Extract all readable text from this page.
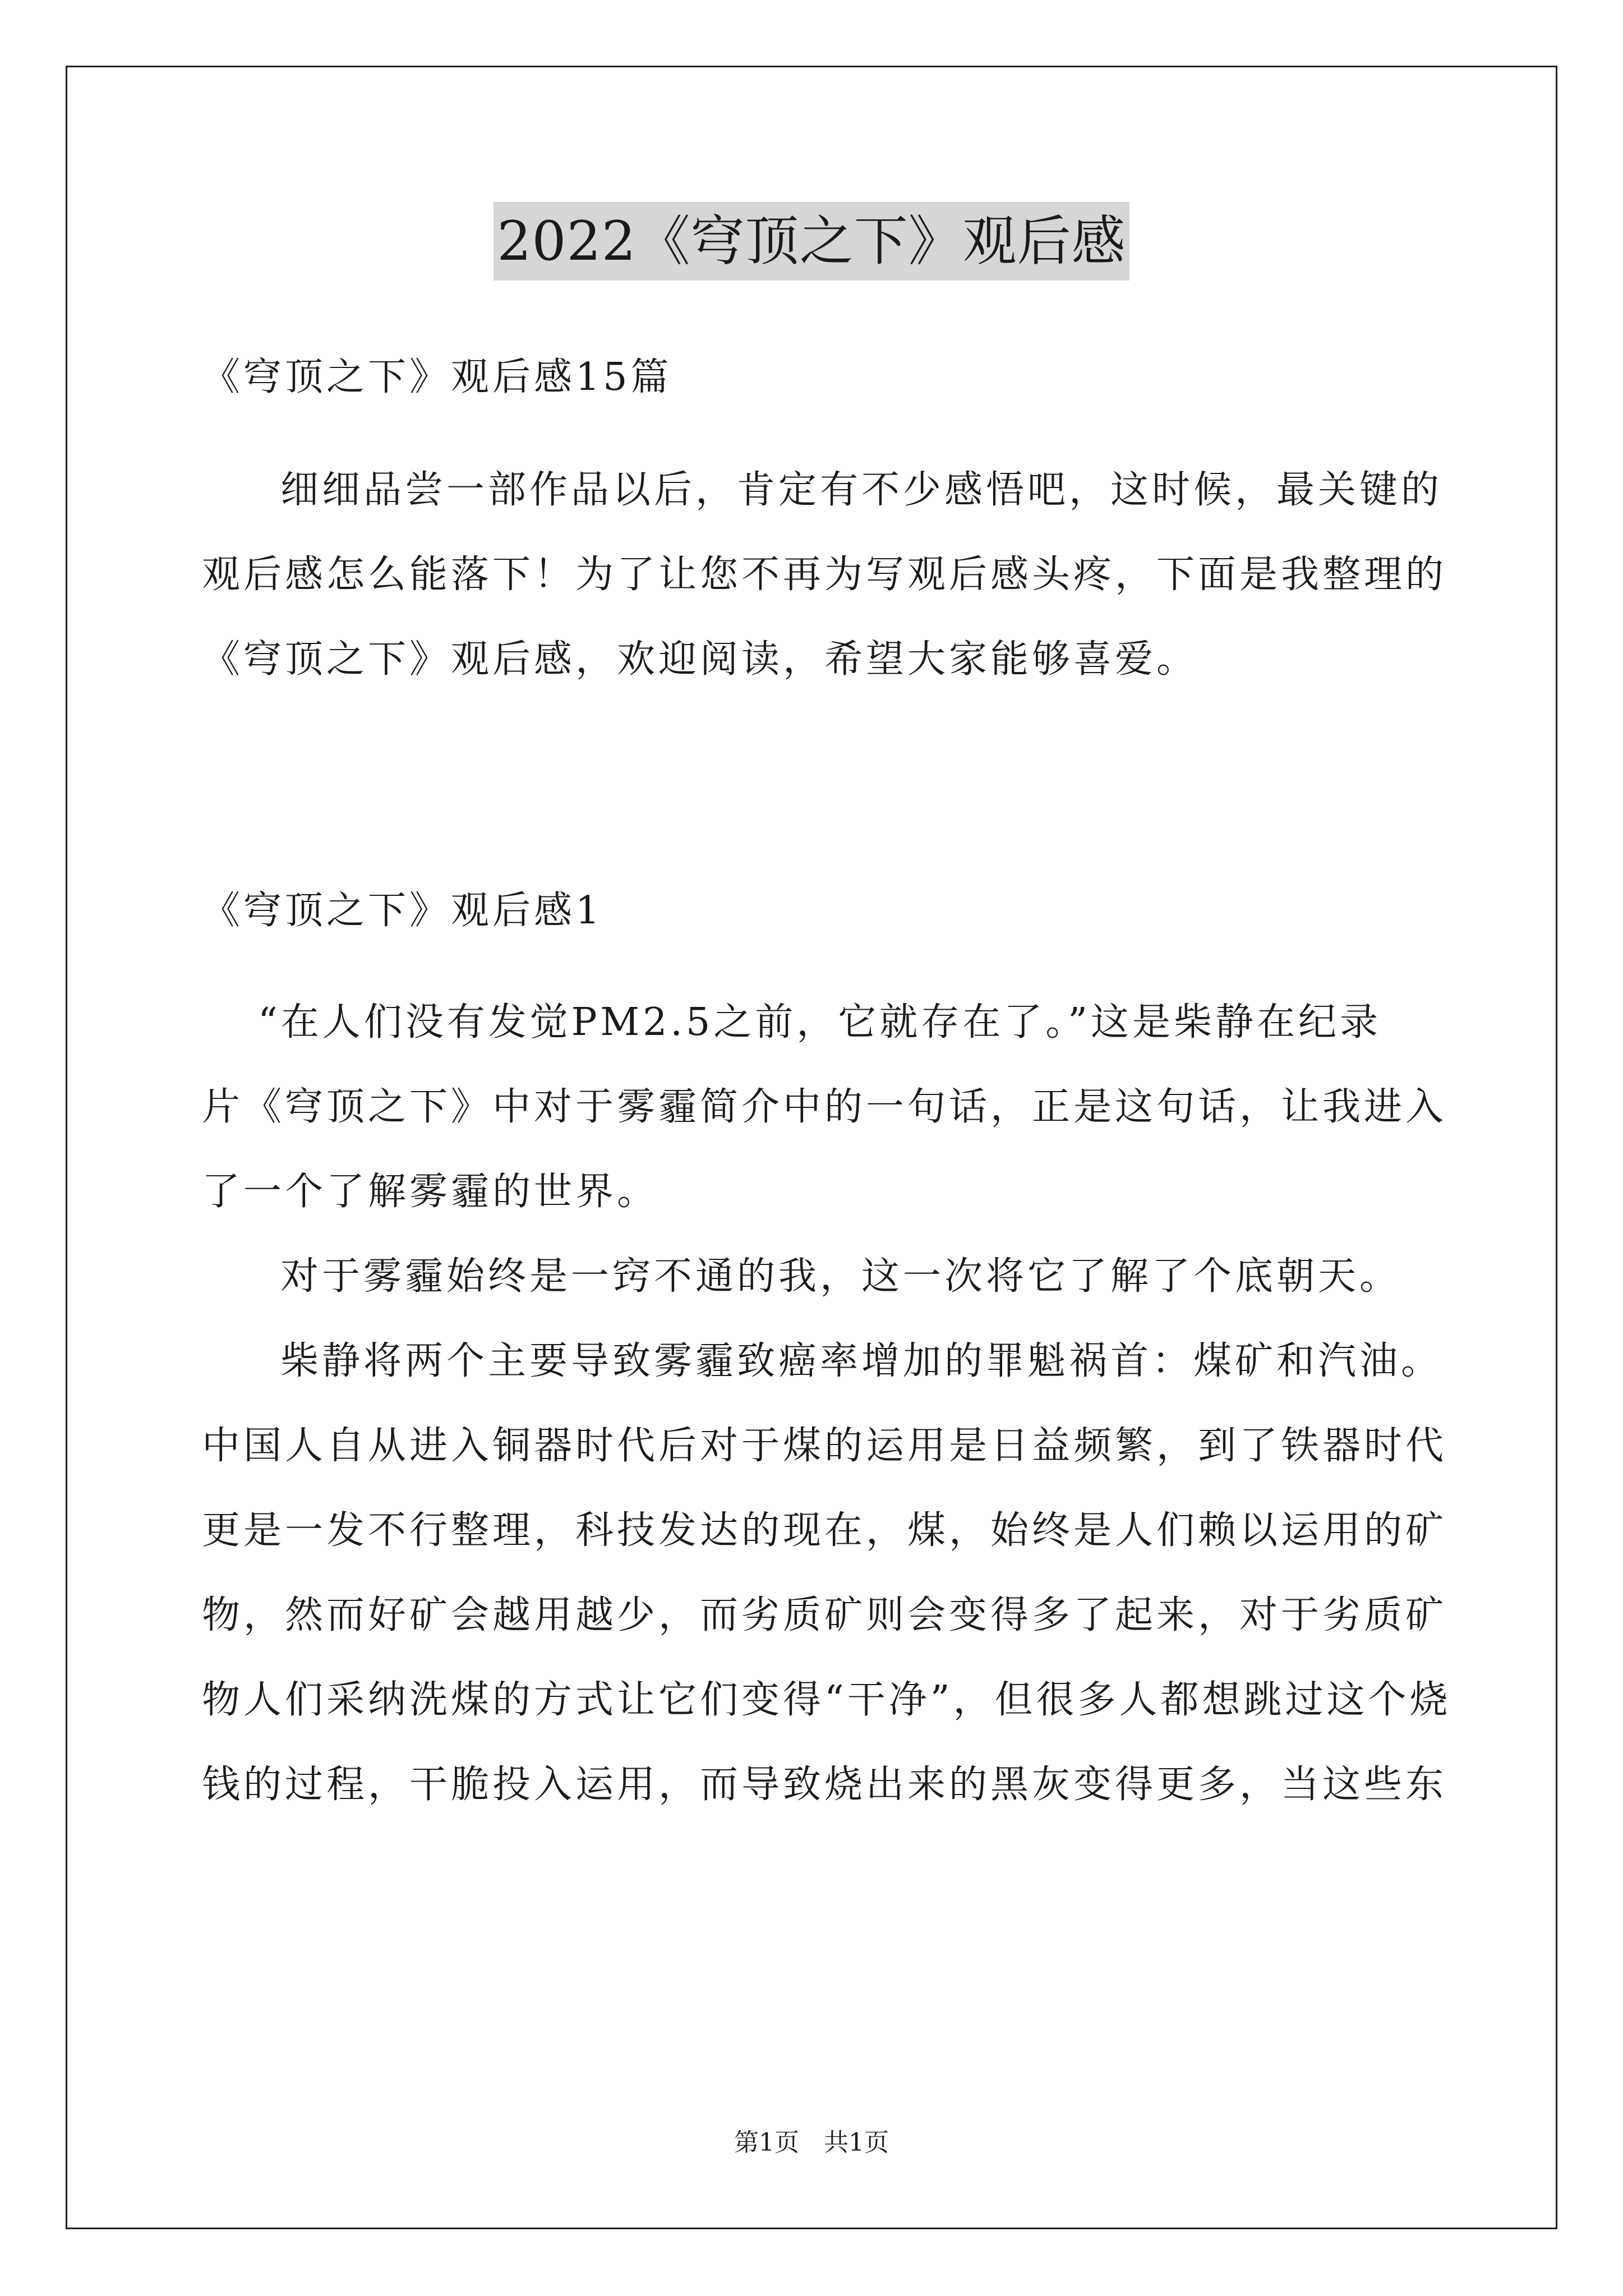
2022《穹顶之下》观后感
《穹顶之下》观后感15篇
细细品尝一部作品以后，肯定有不少感悟吧，这时候，最关键的
观后感怎么能落下！为了让您不再为写观后感头疼，下面是我整理的
《穹顶之下》观后感，欢迎阅读，希望大家能够喜爱。
《穹顶之下》观后感1
“在人们没有发觉PM2.5之前，它就存在了。”这是柴静在纪录
片《穹顶之下》中对于雾霾简介中的一句话，正是这句话，让我进入
了一个了解雾霾的世界。
对于雾霾始终是一窍不通的我，这一次将它了解了个底朝天。
柴静将两个主要导致雾霾致癌率增加的罪魁祸首：煤矿和汽油。
中国人自从进入铜器时代后对于煤的运用是日益频繁，到了铁器时代
更是一发不行整理，科技发达的现在，煤，始终是人们赖以运用的矿
物，然而好矿会越用越少，而劣质矿则会变得多了起来，对于劣质矿
物人们采纳洗煤的方式让它们变得“干净”，但很多人都想跳过这个烧
钱的过程，干脆投入运用，而导致烧出来的黑灰变得更多，当这些东
第1页　共1页
